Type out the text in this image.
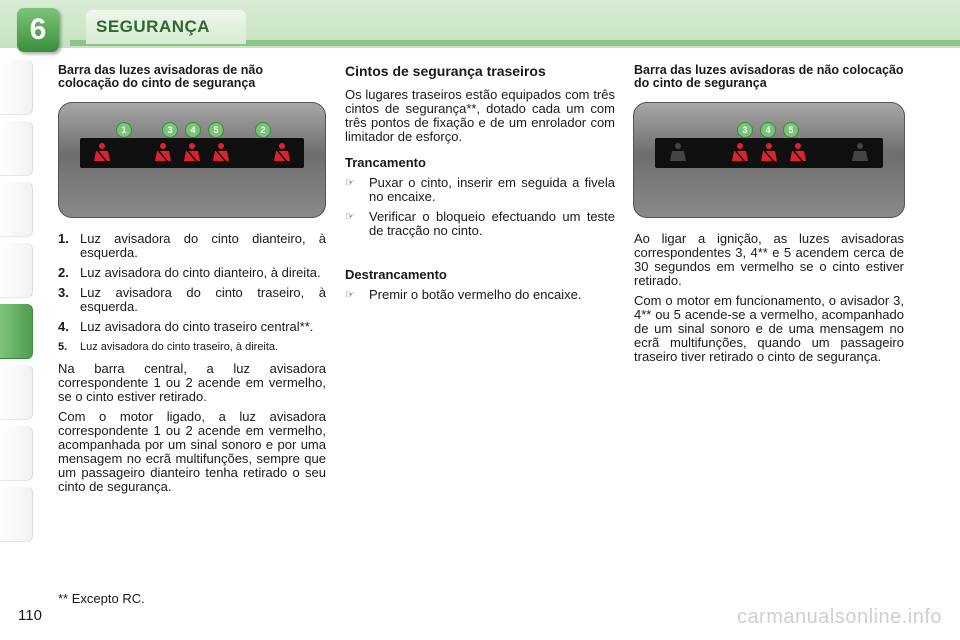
6	SEGURANÇA
Barra das luzes avisadoras de não colocação do cinto de segurança
1	3	4	5	2
1. Luz avisadora do cinto dianteiro, à esquerda.
2. Luz avisadora do cinto dianteiro, à direita.
3. Luz avisadora do cinto traseiro, à esquerda.
4. Luz avisadora do cinto traseiro central**.
5.	Luz avisadora do cinto traseiro, à direita.

Na barra central, a luz avisadora correspondente 1 ou 2 acende em vermelho, se o cinto estiver retirado.

Com o motor ligado, a luz avisadora correspondente 1 ou 2 acende em vermelho, acompanhada por um sinal sonoro e por uma mensagem no ecrã multifunções, sempre que um passageiro dianteiro tenha retirado o seu cinto de segurança.

Cintos de segurança traseiros

Os lugares traseiros estão equipados com três cintos de segurança**, dotado cada um com três pontos de fixação e de um enrolador com limitador de esforço.

Trancamento
☞	Puxar o cinto, inserir em seguida a fivela no encaixe.
☞	Verificar o bloqueio efectuando um teste de tracção no cinto.
Destrancamento
☞	Premir o botão vermelho do encaixe.
Barra das luzes avisadoras de não colocação do cinto de segurança
3	4	5

Ao ligar a ignição, as luzes avisadoras correspondentes 3, 4** e 5 acendem cerca de 30 segundos em vermelho se o cinto estiver retirado.

Com o motor em funcionamento, o avisador 3, 4** ou 5 acende-se a vermelho, acompanhado de um sinal sonoro e de uma mensagem no ecrã multifunções, quando um passageiro traseiro tiver retirado o cinto de segurança.

** Excepto RC.
110	carmanualsonline.info
